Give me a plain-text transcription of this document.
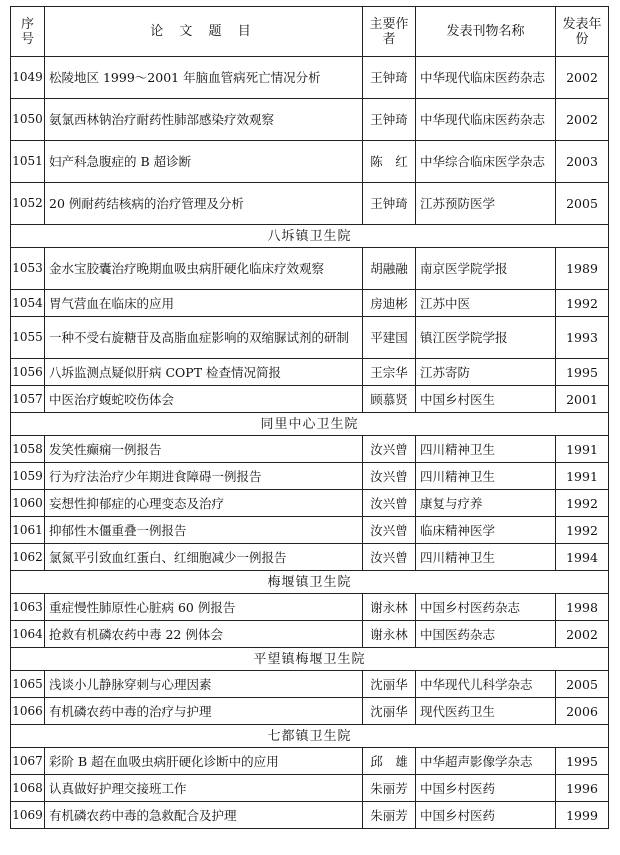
序号	论 文 题 目	主要作者	发表刊物名称	发表年份
1049	松陵地区 1999～2001 年脑血管病死亡情况分析	王钟琦	中华现代临床医药杂志	2002
1050	氨氯西林钠治疗耐药性肺部感染疗效观察	王钟琦	中华现代临床医药杂志	2002
1051	妇产科急腹症的 B 超诊断	陈　红	中华综合临床医学杂志	2003
1052	20 例耐药结核病的治疗管理及分析	王钟琦	江苏预防医学	2005
八坼镇卫生院				
1053	金水宝胶囊治疗晚期血吸虫病肝硬化临床疗效观察	胡融融	南京医学院学报	1989
1054	胃气营血在临床的应用	房迪彬	江苏中医	1992
1055	一种不受右旋糖苷及高脂血症影响的双缩脲试剂的研制	平建国	镇江医学院学报	1993
1056	八坼监测点疑似肝病 COPT 检查情况简报	王宗华	江苏寄防	1995
1057	中医治疗蝮蛇咬伤体会	顾慕贤	中国乡村医生	2001
同里中心卫生院				
1058	发笑性癫痫一例报告	汝兴曾	四川精神卫生	1991
1059	行为疗法治疗少年期进食障碍一例报告	汝兴曾	四川精神卫生	1991
1060	妄想性抑郁症的心理变态及治疗	汝兴曾	康复与疗养	1992
1061	抑郁性木僵重叠一例报告	汝兴曾	临床精神医学	1992
1062	氯氮平引致血红蛋白、红细胞减少一例报告	汝兴曾	四川精神卫生	1994
梅堰镇卫生院				
1063	重症慢性肺原性心脏病 60 例报告	谢永林	中国乡村医药杂志	1998
1064	抢救有机磷农药中毒 22 例体会	谢永林	中国医药杂志	2002
平望镇梅堰卫生院				
1065	浅谈小儿静脉穿刺与心理因素	沈丽华	中华现代儿科学杂志	2005
1066	有机磷农药中毒的治疗与护理	沈丽华	现代医药卫生	2006
七都镇卫生院				
1067	彩阶 B 超在血吸虫病肝硬化诊断中的应用	邱　雄	中华超声影像学杂志	1995
1068	认真做好护理交接班工作	朱丽芳	中国乡村医药	1996
1069	有机磷农药中毒的急救配合及护理	朱丽芳	中国乡村医药	1999
